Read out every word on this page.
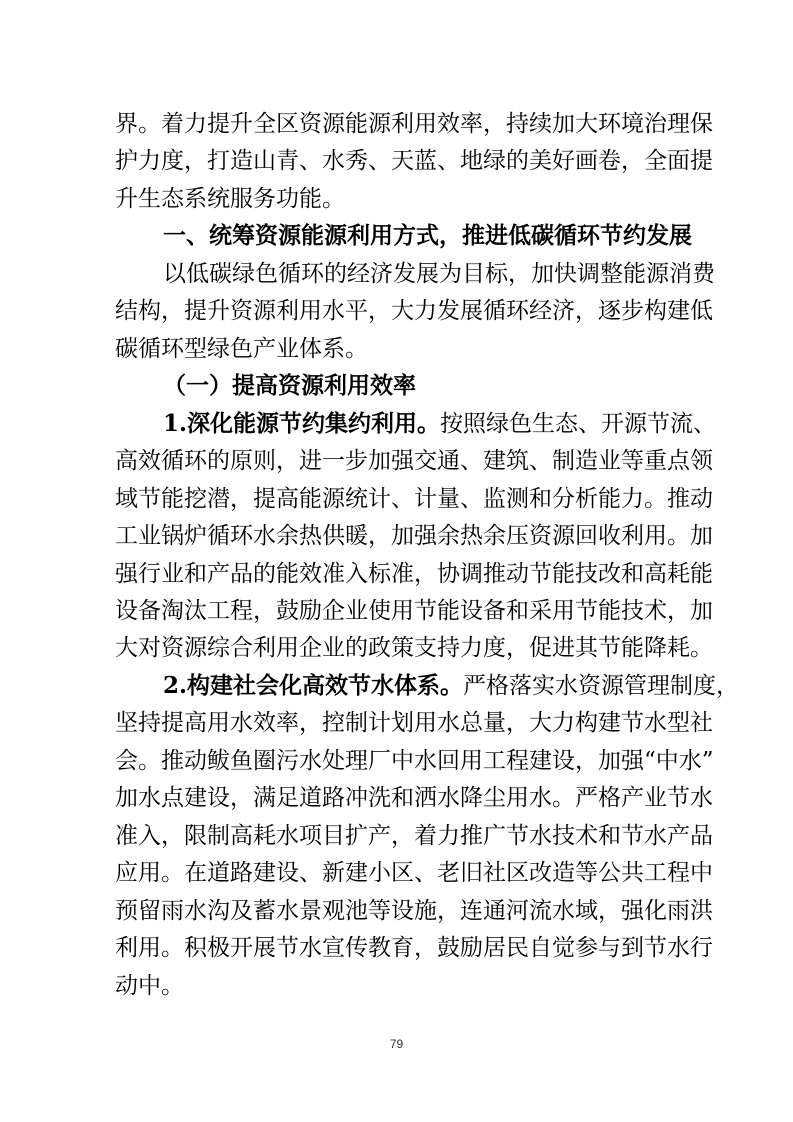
界。着力提升全区资源能源利用效率，持续加大环境治理保
护力度，打造山青、水秀、天蓝、地绿的美好画卷，全面提
升生态系统服务功能。
一、统筹资源能源利用方式，推进低碳循环节约发展
以低碳绿色循环的经济发展为目标，加快调整能源消费
结构，提升资源利用水平，大力发展循环经济，逐步构建低
碳循环型绿色产业体系。
（一）提高资源利用效率
1.深化能源节约集约利用。按照绿色生态、开源节流、
高效循环的原则，进一步加强交通、建筑、制造业等重点领
域节能挖潜，提高能源统计、计量、监测和分析能力。推动
工业锅炉循环水余热供暖，加强余热余压资源回收利用。加
强行业和产品的能效准入标准，协调推动节能技改和高耗能
设备淘汰工程，鼓励企业使用节能设备和采用节能技术，加
大对资源综合利用企业的政策支持力度，促进其节能降耗。
2.构建社会化高效节水体系。严格落实水资源管理制度，
坚持提高用水效率，控制计划用水总量，大力构建节水型社
会。推动鲅鱼圈污水处理厂中水回用工程建设，加强“中水”
加水点建设，满足道路冲洗和洒水降尘用水。严格产业节水
准入，限制高耗水项目扩产，着力推广节水技术和节水产品
应用。在道路建设、新建小区、老旧社区改造等公共工程中
预留雨水沟及蓄水景观池等设施，连通河流水域，强化雨洪
利用。积极开展节水宣传教育，鼓励居民自觉参与到节水行
动中。
79
